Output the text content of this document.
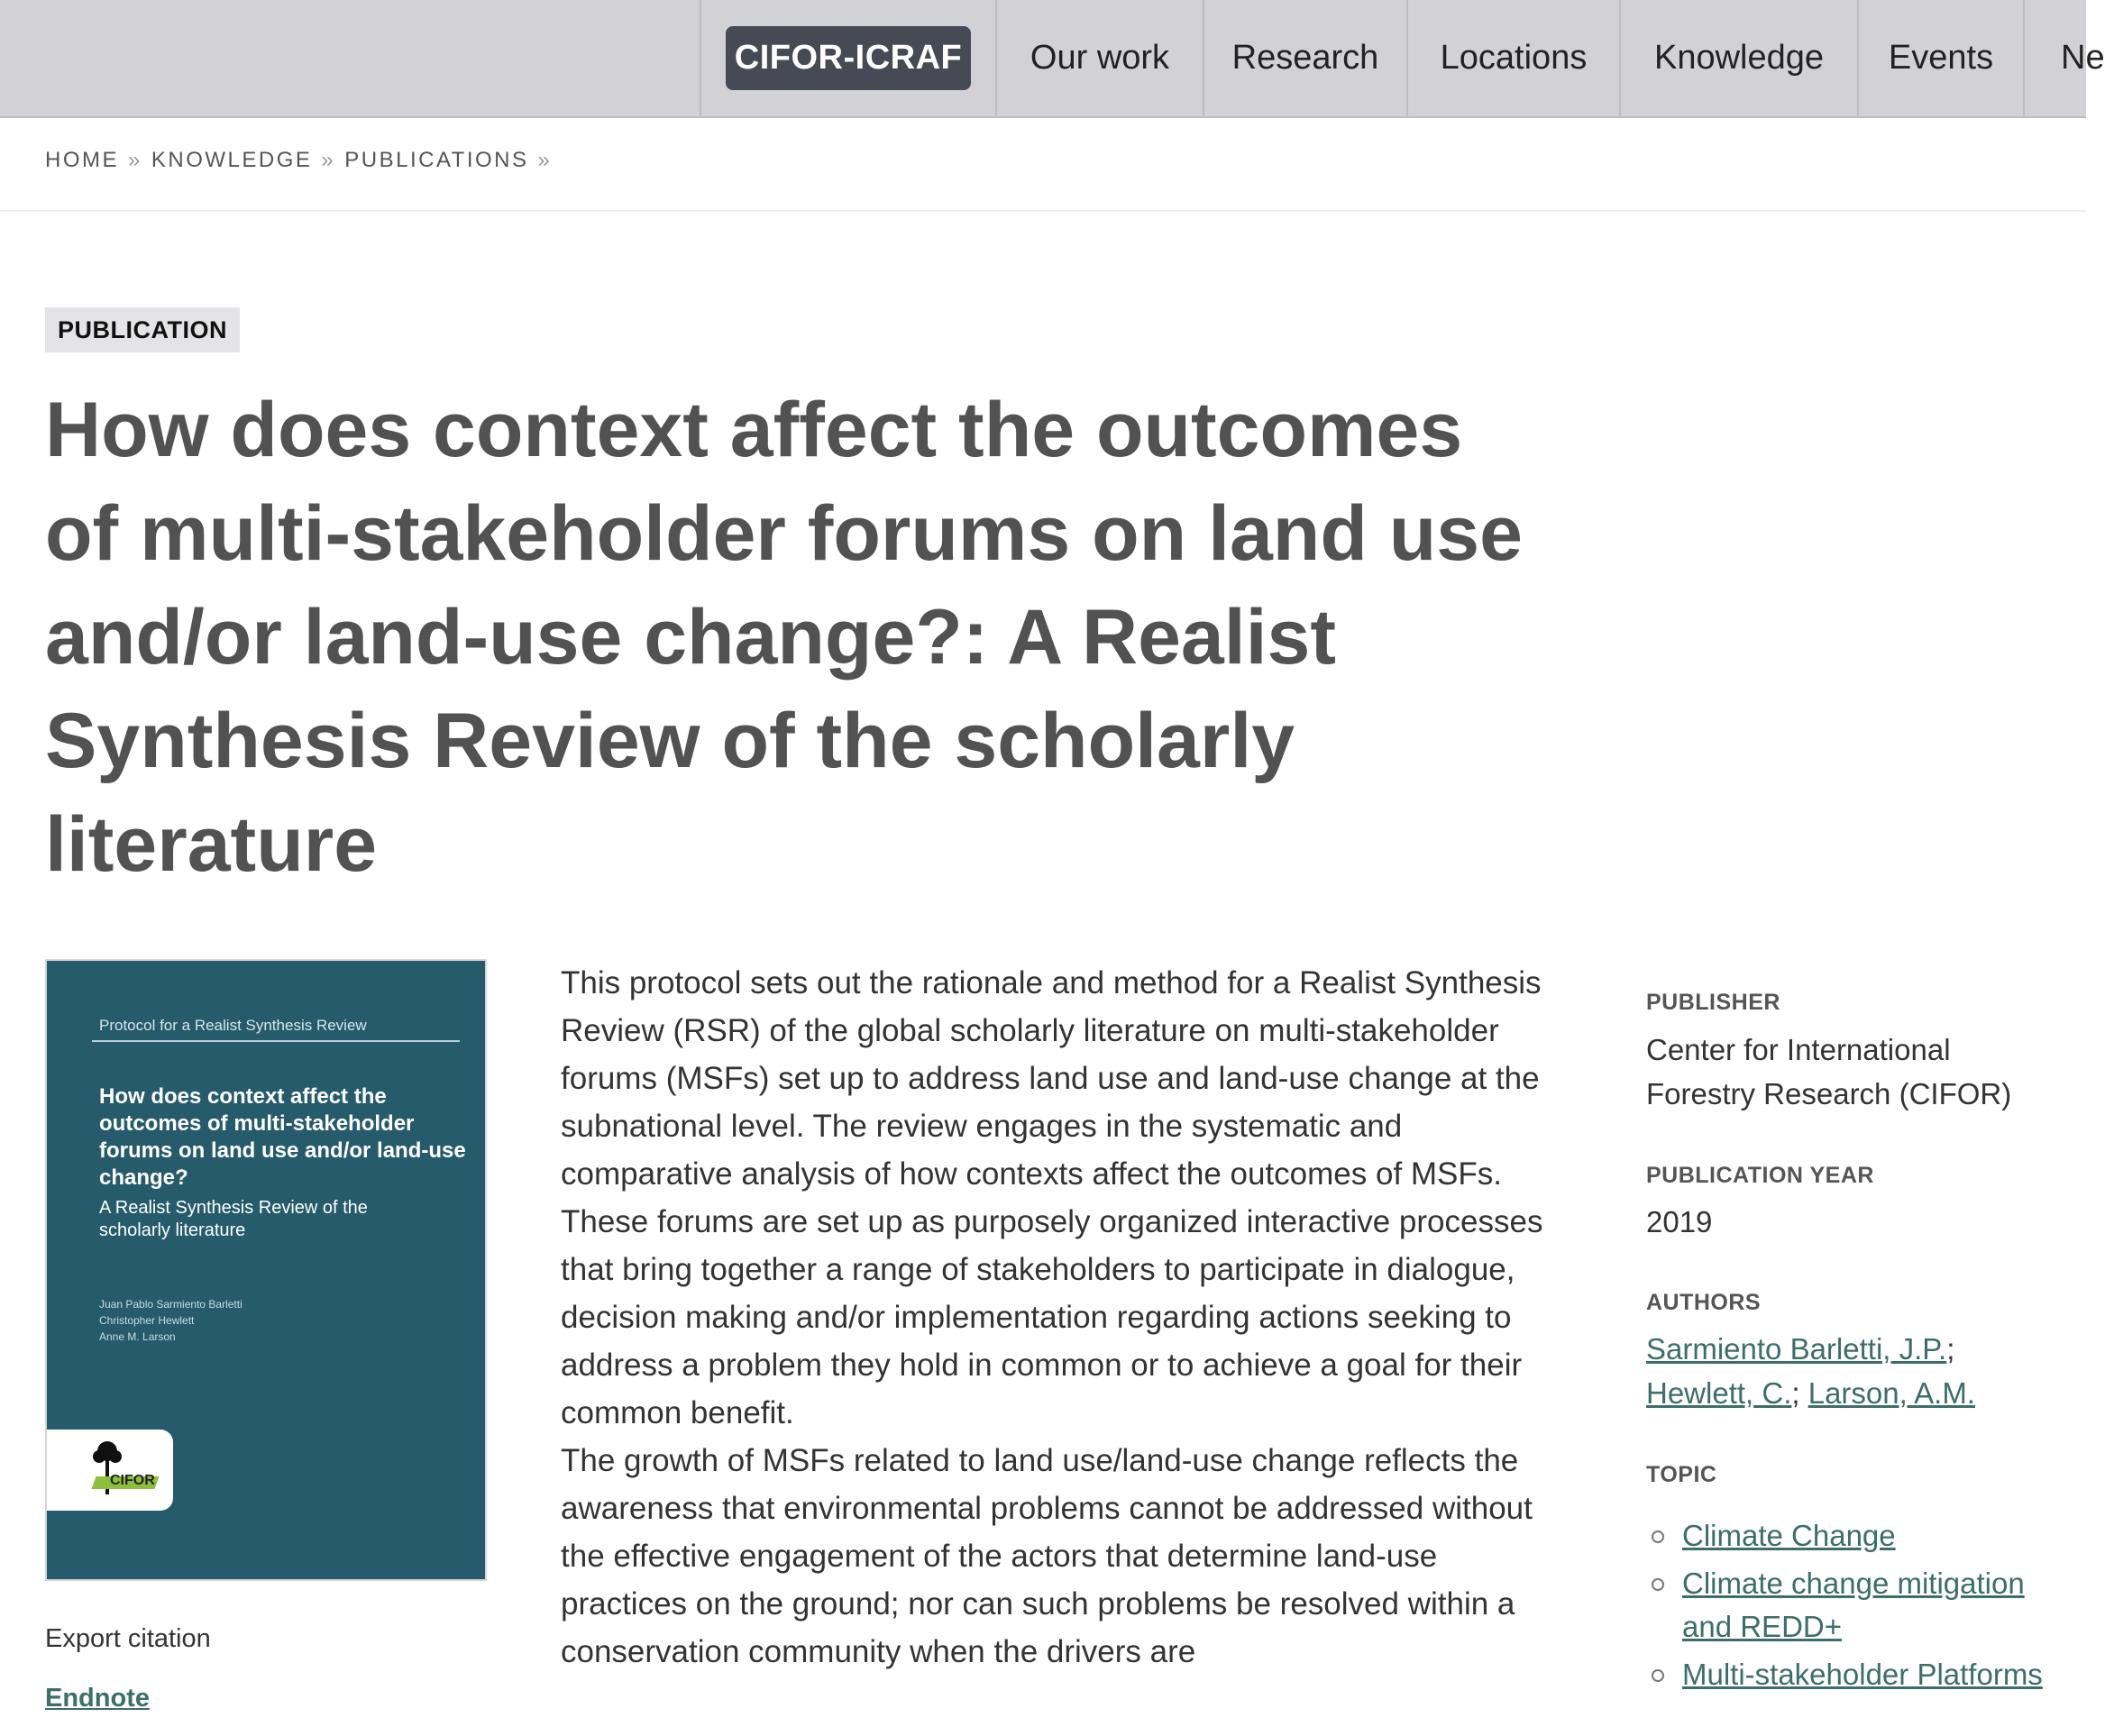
CIFOR-ICRAF	Our work	Research	Locations	Knowledge	Events	Ne
HOME » KNOWLEDGE » PUBLICATIONS »
PUBLICATION
How does context affect the outcomes of multi-stakeholder forums on land use and/or land-use change?: A Realist Synthesis Review of the scholarly literature
Protocol for a Realist Synthesis Review
How does context affect the outcomes of multi-stakeholder forums on land use and/or land-use change?
A Realist Synthesis Review of the scholarly literature
Juan Pablo Sarmiento Barletti
Christopher Hewlett
Anne M. Larson
CIFOR
Export citation
Endnote

This protocol sets out the rationale and method for a Realist Synthesis Review (RSR) of the global scholarly literature on multi-stakeholder forums (MSFs) set up to address land use and land-use change at the subnational level. The review engages in the systematic and comparative analysis of how contexts affect the outcomes of MSFs. These forums are set up as purposely organized interactive processes that bring together a range of stakeholders to participate in dialogue, decision making and/or implementation regarding actions seeking to address a problem they hold in common or to achieve a goal for their common benefit.

The growth of MSFs related to land use/land-use change reflects the awareness that environmental problems cannot be addressed without the effective engagement of the actors that determine land-use practices on the ground; nor can such problems be resolved within a conservation community when the drivers are

PUBLISHER
Center for International Forestry Research (CIFOR)
PUBLICATION YEAR
2019
AUTHORS
Sarmiento Barletti, J.P.; Hewlett, C.; Larson, A.M.
TOPIC
Climate Change
Climate change mitigation and REDD+
Multi-stakeholder Platforms
